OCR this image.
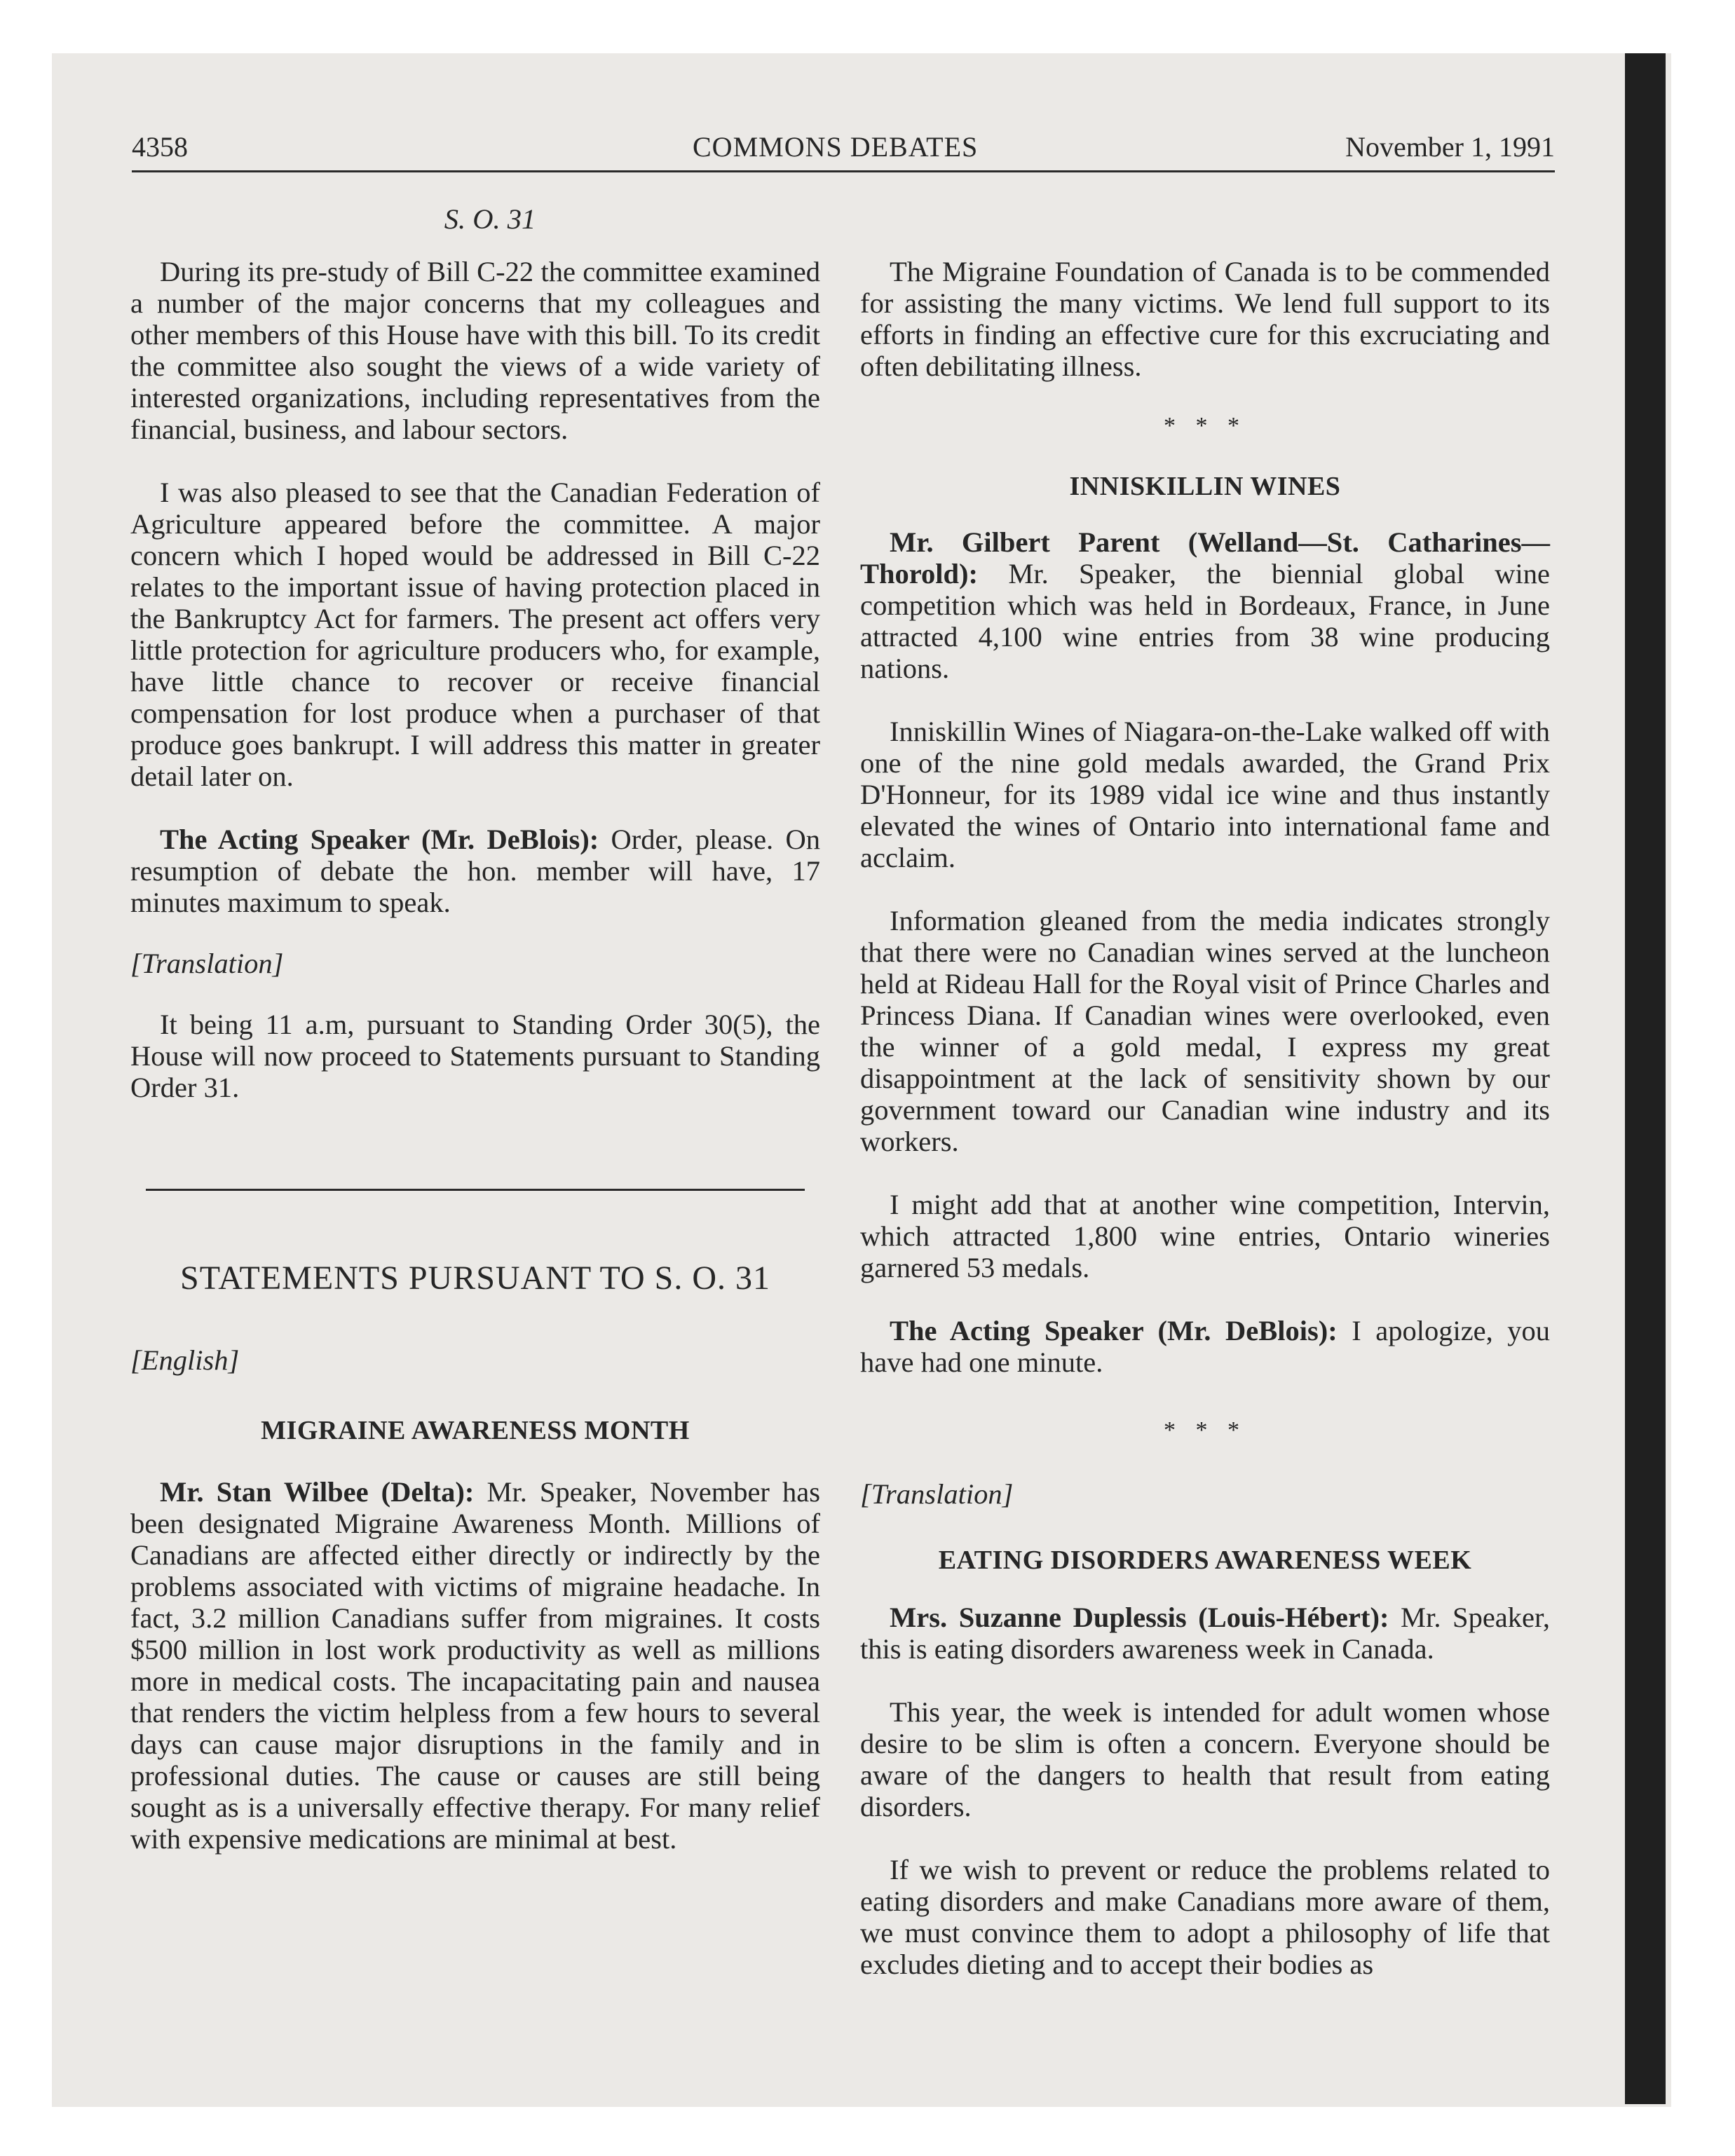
4358	COMMONS DEBATES	November 1, 1991

S. O. 31

During its pre-study of Bill C-22 the committee examined a number of the major concerns that my colleagues and other members of this House have with this bill. To its credit the committee also sought the views of a wide variety of interested organizations, including representatives from the financial, business, and labour sectors.

I was also pleased to see that the Canadian Federation of Agriculture appeared before the committee. A major concern which I hoped would be addressed in Bill C-22 relates to the important issue of having protection placed in the Bankruptcy Act for farmers. The present act offers very little protection for agriculture producers who, for example, have little chance to recover or receive financial compensation for lost produce when a purchaser of that produce goes bankrupt. I will address this matter in greater detail later on.

The Acting Speaker (Mr. DeBlois): Order, please. On resumption of debate the hon. member will have, 17 minutes maximum to speak.

[Translation]

It being 11 a.m, pursuant to Standing Order 30(5), the House will now proceed to Statements pursuant to Standing Order 31.

STATEMENTS PURSUANT TO S. O. 31

[English]

MIGRAINE AWARENESS MONTH

Mr. Stan Wilbee (Delta): Mr. Speaker, November has been designated Migraine Awareness Month. Millions of Canadians are affected either directly or indirectly by the problems associated with victims of migraine headache. In fact, 3.2 million Canadians suffer from migraines. It costs $500 million in lost work productivity as well as millions more in medical costs. The incapacitating pain and nausea that renders the victim helpless from a few hours to several days can cause major disruptions in the family and in professional duties. The cause or causes are still being sought as is a universally effective therapy. For many relief with expensive medications are minimal at best.

The Migraine Foundation of Canada is to be commended for assisting the many victims. We lend full support to its efforts in finding an effective cure for this excruciating and often debilitating illness.

* * *

INNISKILLIN WINES

Mr. Gilbert Parent (Welland—St. Catharines—Thorold): Mr. Speaker, the biennial global wine competition which was held in Bordeaux, France, in June attracted 4,100 wine entries from 38 wine producing nations.

Inniskillin Wines of Niagara-on-the-Lake walked off with one of the nine gold medals awarded, the Grand Prix D'Honneur, for its 1989 vidal ice wine and thus instantly elevated the wines of Ontario into international fame and acclaim.

Information gleaned from the media indicates strongly that there were no Canadian wines served at the luncheon held at Rideau Hall for the Royal visit of Prince Charles and Princess Diana. If Canadian wines were overlooked, even the winner of a gold medal, I express my great disappointment at the lack of sensitivity shown by our government toward our Canadian wine industry and its workers.

I might add that at another wine competition, Intervin, which attracted 1,800 wine entries, Ontario wineries garnered 53 medals.

The Acting Speaker (Mr. DeBlois): I apologize, you have had one minute.

* * *

[Translation]

EATING DISORDERS AWARENESS WEEK

Mrs. Suzanne Duplessis (Louis-Hébert): Mr. Speaker, this is eating disorders awareness week in Canada.

This year, the week is intended for adult women whose desire to be slim is often a concern. Everyone should be aware of the dangers to health that result from eating disorders.

If we wish to prevent or reduce the problems related to eating disorders and make Canadians more aware of them, we must convince them to adopt a philosophy of life that excludes dieting and to accept their bodies as
